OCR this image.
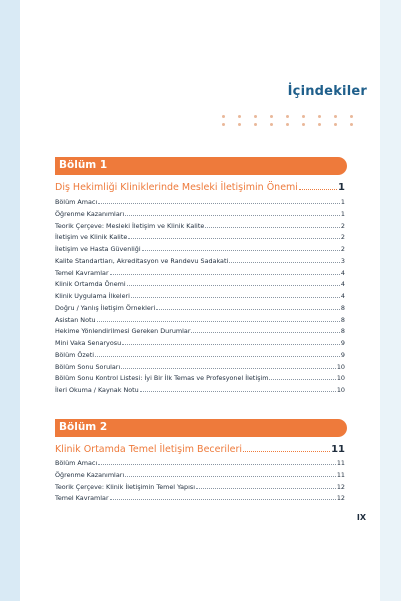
İçindekiler
Bölüm 1
Diş Hekimliği Kliniklerinde Mesleki İletişimin Önemi	1
Bölüm Amacı	1
Öğrenme Kazanımları	1
Teorik Çerçeve: Mesleki İletişim ve Klinik Kalite	2
İletişim ve Klinik Kalite	2
İletişim ve Hasta Güvenliği	2
Kalite Standartları, Akreditasyon ve Randevu Sadakati	3
Temel Kavramlar	4
Klinik Ortamda Önemi	4
Klinik Uygulama İlkeleri	4
Doğru / Yanlış İletişim Örnekleri	8
Asistan Notu	8
Hekime Yönlendirilmesi Gereken Durumlar	8
Mini Vaka Senaryosu	9
Bölüm Özeti	9
Bölüm Sonu Soruları	10
Bölüm Sonu Kontrol Listesi: İyi Bir İlk Temas ve Profesyonel İletişim	10
İleri Okuma / Kaynak Notu	10
Bölüm 2
Klinik Ortamda Temel İletişim Becerileri	11
Bölüm Amacı	11
Öğrenme Kazanımları	11
Teorik Çerçeve: Klinik İletişimin Temel Yapısı	12
Temel Kavramlar	12
IX
